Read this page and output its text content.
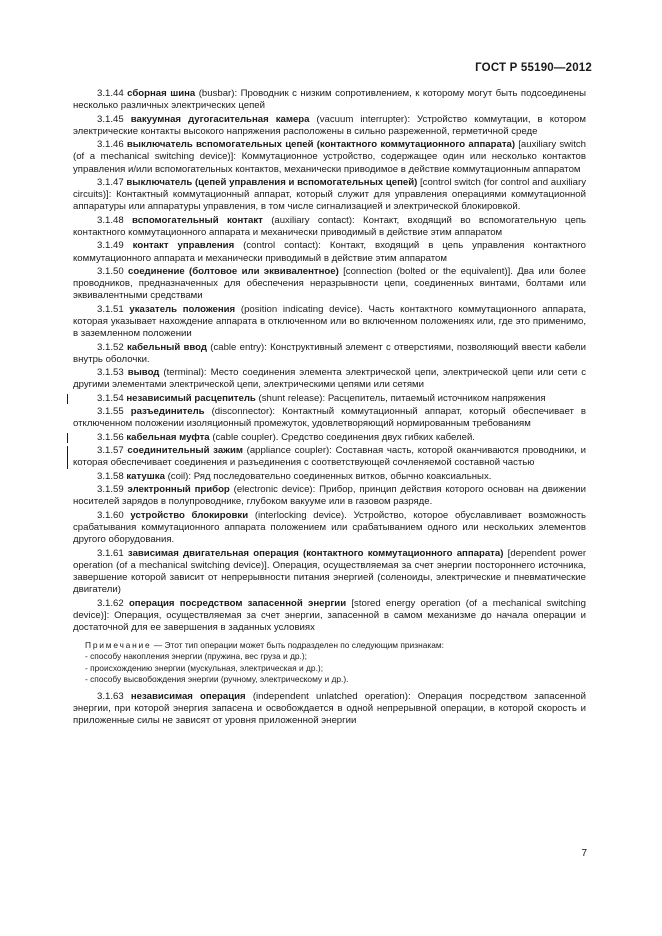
ГОСТ Р 55190—2012

3.1.44 сборная шина (busbar): Проводник с низким сопротивлением, к которому могут быть подсоединены несколько различных электрических цепей

3.1.45 вакуумная дугогасительная камера (vacuum interrupter): Устройство коммутации, в котором электрические контакты высокого напряжения расположены в сильно разреженной, герметичной среде

3.1.46 выключатель вспомогательных цепей (контактного коммутационного аппарата) [auxiliary switch (of a mechanical switching device)]: Коммутационное устройство, содержащее один или несколько контактов управления и/или вспомогательных контактов, механически приводимое в действие коммутационным аппаратом

3.1.47 выключатель (цепей управления и вспомогательных цепей) [control switch (for control and auxiliary circuits)]: Контактный коммутационный аппарат, который служит для управления операциями коммутационной аппаратуры или аппаратуры управления, в том числе сигнализацией и электрической блокировкой.

3.1.48 вспомогательный контакт (auxiliary contact): Контакт, входящий во вспомогательную цепь контактного коммутационного аппарата и механически приводимый в действие этим аппаратом

3.1.49 контакт управления (control contact): Контакт, входящий в цепь управления контактного коммутационного аппарата и механически приводимый в действие этим аппаратом

3.1.50 соединение (болтовое или эквивалентное) [connection (bolted or the equivalent)]. Два или более проводников, предназначенных для обеспечения неразрывности цепи, соединенных винтами, болтами или эквивалентными средствами

3.1.51 указатель положения (position indicating device). Часть контактного коммутационного аппарата, которая указывает нахождение аппарата в отключенном или во включенном положениях или, где это применимо, в заземленном положении

3.1.52 кабельный ввод (cable entry): Конструктивный элемент с отверстиями, позволяющий ввести кабели внутрь оболочки.

3.1.53 вывод (terminal): Место соединения элемента электрической цепи, электрической цепи или сети с другими элементами электрической цепи, электрическими цепями или сетями

3.1.54 независимый расцепитель (shunt release): Расцепитель, питаемый источником напряжения

3.1.55 разъединитель (disconnector): Контактный коммутационный аппарат, который обеспечивает в отключенном положении изоляционный промежуток, удовлетворяющий нормированным требованиям

3.1.56 кабельная муфта (cable coupler). Средство соединения двух гибких кабелей.

3.1.57 соединительный зажим (appliance coupler): Составная часть, которой оканчиваются проводники, и которая обеспечивает соединения и разъединения с соответствующей сочленяемой составной частью

3.1.58 катушка (coil): Ряд последовательно соединенных витков, обычно коаксиальных.

3.1.59 электронный прибор (electronic device): Прибор, принцип действия которого основан на движении носителей зарядов в полупроводнике, глубоком вакууме или в газовом разряде.

3.1.60 устройство блокировки (interlocking device). Устройство, которое обуславливает возможность срабатывания коммутационного аппарата положением или срабатыванием одного или нескольких элементов другого оборудования.

3.1.61 зависимая двигательная операция (контактного коммутационного аппарата) [dependent power operation (of a mechanical switching device)]. Операция, осуществляемая за счет энергии постороннего источника, завершение которой зависит от непрерывности питания энергией (соленоиды, электрические и пневматические двигатели)

3.1.62 операция посредством запасенной энергии [stored energy operation (of a mechanical switching device)]: Операция, осуществляемая за счет энергии, запасенной в самом механизме до начала операции и достаточной для ее завершения в заданных условиях

Примечание — Этот тип операции может быть подразделен по следующим признакам:
- способу накопления энергии (пружина, вес груза и др.);
- происхождению энергии (мускульная, электрическая и др.);
- способу высвобождения энергии (ручному, электрическому и др.).

3.1.63 независимая операция (independent unlatched operation): Операция посредством запасенной энергии, при которой энергия запасена и освобождается в одной непрерывной операции, в которой скорость и приложенные силы не зависят от уровня приложенной энергии

7
